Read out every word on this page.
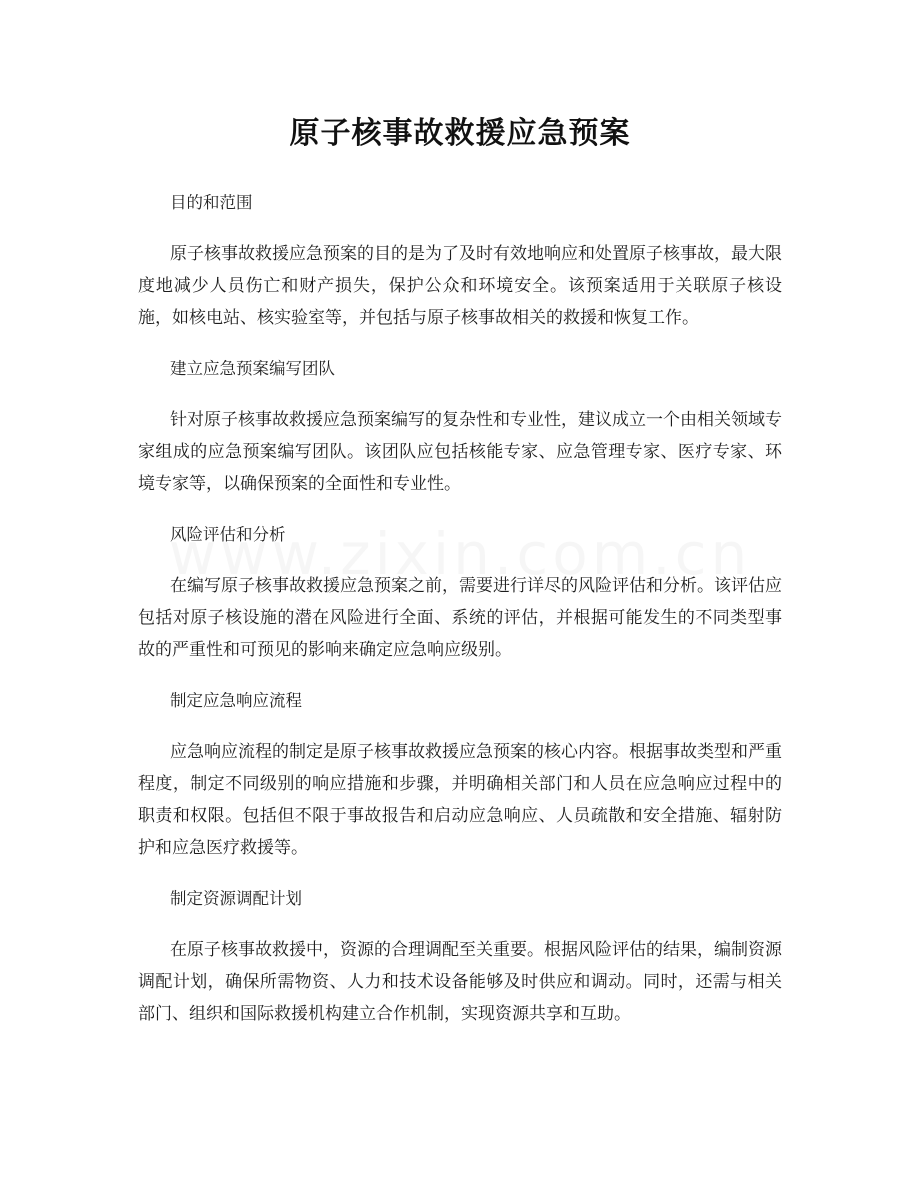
原子核事故救援应急预案

目的和范围

原子核事故救援应急预案的目的是为了及时有效地响应和处置原子核事故，最大限度地减少人员伤亡和财产损失，保护公众和环境安全。该预案适用于关联原子核设施，如核电站、核实验室等，并包括与原子核事故相关的救援和恢复工作。

建立应急预案编写团队

针对原子核事故救援应急预案编写的复杂性和专业性，建议成立一个由相关领域专家组成的应急预案编写团队。该团队应包括核能专家、应急管理专家、医疗专家、环境专家等，以确保预案的全面性和专业性。

风险评估和分析

在编写原子核事故救援应急预案之前，需要进行详尽的风险评估和分析。该评估应包括对原子核设施的潜在风险进行全面、系统的评估，并根据可能发生的不同类型事故的严重性和可预见的影响来确定应急响应级别。

制定应急响应流程

应急响应流程的制定是原子核事故救援应急预案的核心内容。根据事故类型和严重程度，制定不同级别的响应措施和步骤，并明确相关部门和人员在应急响应过程中的职责和权限。包括但不限于事故报告和启动应急响应、人员疏散和安全措施、辐射防护和应急医疗救援等。

制定资源调配计划

在原子核事故救援中，资源的合理调配至关重要。根据风险评估的结果，编制资源调配计划，确保所需物资、人力和技术设备能够及时供应和调动。同时，还需与相关部门、组织和国际救援机构建立合作机制，实现资源共享和互助。
